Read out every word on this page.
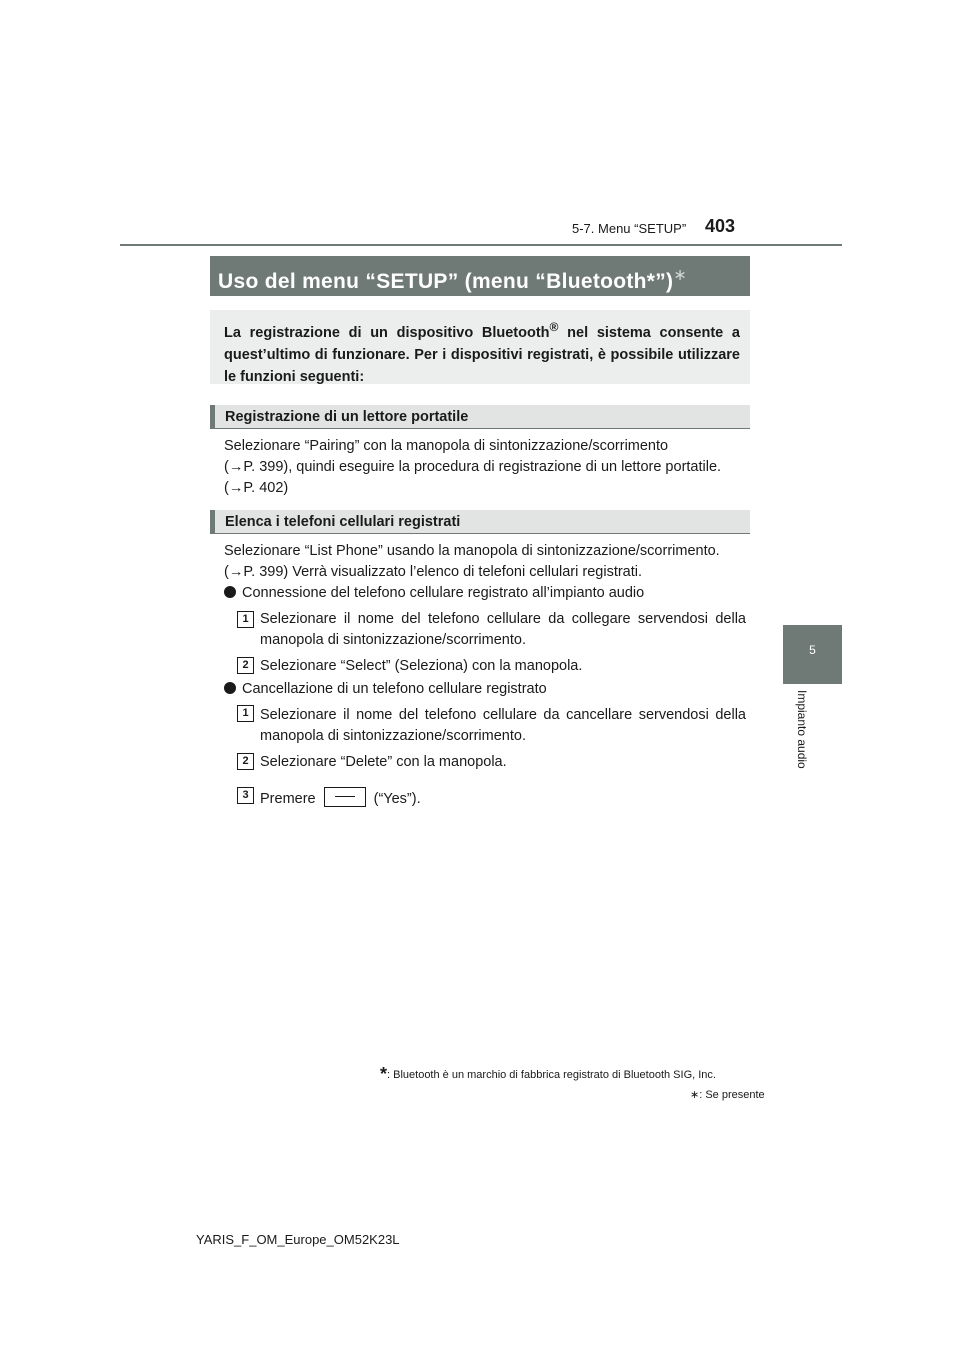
5-7. Menu “SETUP” 403
5
Impianto audio
Uso del menu “SETUP” (menu “Bluetooth*”)∗
La registrazione di un dispositivo Bluetooth® nel sistema consente a quest’ultimo di funzionare. Per i dispositivi registrati, è possibile utilizzare le funzioni seguenti:
Registrazione di un lettore portatile
Selezionare “Pairing” con la manopola di sintonizzazione/scorrimento
(→P. 399), quindi eseguire la procedura di registrazione di un lettore portatile.
(→P. 402)
Elenca i telefoni cellulari registrati
Selezionare “List Phone” usando la manopola di sintonizzazione/scorrimento.
(→P. 399) Verrà visualizzato l’elenco di telefoni cellulari registrati.
Connessione del telefono cellulare registrato all’impianto audio
1 Selezionare il nome del telefono cellulare da collegare servendosi della manopola di sintonizzazione/scorrimento.
2 Selezionare “Select” (Seleziona) con la manopola.
Cancellazione di un telefono cellulare registrato
1 Selezionare il nome del telefono cellulare da cancellare servendosi della manopola di sintonizzazione/scorrimento.
2 Selezionare “Delete” con la manopola.
3 Premere	(“Yes”).
*: Bluetooth è un marchio di fabbrica registrato di Bluetooth SIG, Inc.
∗: Se presente
YARIS_F_OM_Europe_OM52K23L
